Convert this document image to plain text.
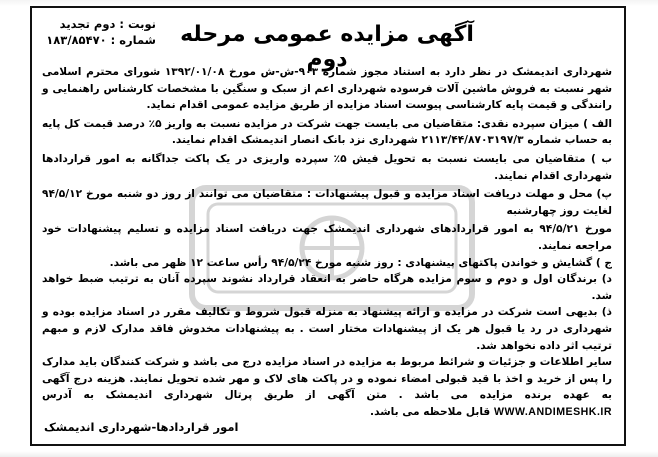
نوبت : دوم تجدید
شماره : ۱۸۳/۸۵۴۷۰	آگهی مزایده عمومی مرحله دوم

شهرداری اندیمشک در نظر دارد به استناد مجوز شماره ۹۰۳-ش-ش مورخ ۱۳۹۲/۰۱/۰۸ شورای محترم اسلامی شهر نسبت به فروش ماشین آلات فرسوده شهرداری اعم از سبک و سنگین با مشخصات کارشناس راهنمایی و رانندگی و قیمت پایه کارشناسی پیوست اسناد مزایده از طریق مزایده عمومی اقدام نماید.

الف ) میزان سپرده نقدی: متقاضیان می بایست جهت شرکت در مزایده نسبت به واریز ۵٪ درصد قیمت کل پایه به حساب شماره ۲۱۱۳/۴۴/۸۷۰۳۱۹۷/۳ شهرداری نزد بانک انصار اندیمشک اقدام نمایند.

ب ) متقاضیان می بایست نسبت به تحویل فیش ۵٪ سپرده واریزی در یک پاکت جداگانه به امور قراردادها شهرداری اقدام نمایند.

پ) محل و مهلت دریافت اسناد مزایده و قبول پیشنهادات : متقاضیان می توانند از روز دو شنبه مورخ ۹۴/۵/۱۲ لغایت روز چهارشنبه

مورخ ۹۴/۵/۲۱ به امور قراردادهای شهرداری اندیمشک جهت دریافت اسناد مزایده و تسلیم پیشنهادات خود مراجعه نمایند.

ج ) گشایش و خواندن پاکتهای پیشنهادی : روز شنبه مورخ ۹۴/۵/۲۴ رأس ساعت ۱۲ ظهر می باشد.

د) برندگان اول و دوم و سوم مزایده هرگاه حاضر به انعقاد قرارداد نشوند سپرده آنان به ترتیب ضبط خواهد شد.

ذ) بدیهی است شرکت در مزایده و ارائه پیشنهاد به منزله قبول شروط و تکالیف مقرر در اسناد مزایده بوده و شهرداری در رد یا قبول هر یک از پیشنهادات مختار است . به پیشنهادات مخدوش فاقد مدارک لازم و مبهم ترتیب اثر داده نخواهد شد.

سایر اطلاعات و جزئیات و شرائط مربوط به مزایده در اسناد مزایده درج می باشد و شرکت کنندگان باید مدارک را پس از خرید و اخذ با قید قبولی امضاء نموده و در پاکت های لاک و مهر شده تحویل نمایند. هزینه درج آگهی به عهده برنده مزایده می باشد . متن آگهی از طریق پرتال شهرداری اندیمشک به آدرس WWW.ANDIMESHK.IR قابل ملاحظه می باشد.

امور قراردادها-شهرداری اندیمشک
